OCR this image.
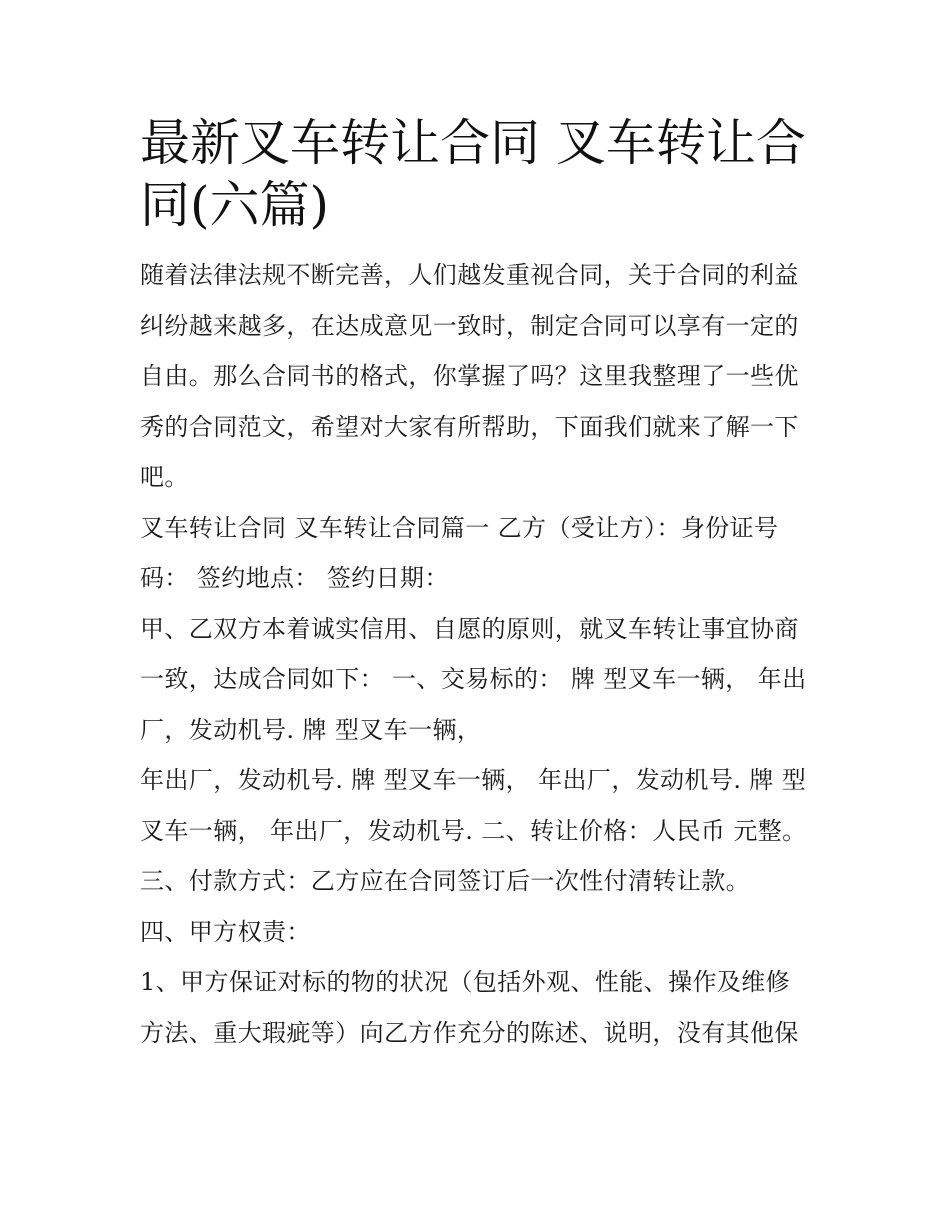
最新叉车转让合同 叉车转让合同(六篇)

随着法律法规不断完善，人们越发重视合同，关于合同的利益纠纷越来越多，在达成意见一致时，制定合同可以享有一定的自由。那么合同书的格式，你掌握了吗？这里我整理了一些优秀的合同范文，希望对大家有所帮助，下面我们就来了解一下吧。

叉车转让合同 叉车转让合同篇一 乙方（受让方）：身份证号码： 签约地点： 签约日期：

甲、乙双方本着诚实信用、自愿的原则，就叉车转让事宜协商一致，达成合同如下： 一、交易标的： 牌 型叉车一辆， 年出厂，发动机号. 牌 型叉车一辆，

年出厂，发动机号. 牌 型叉车一辆， 年出厂，发动机号. 牌 型叉车一辆， 年出厂，发动机号. 二、转让价格：人民币 元整。

三、付款方式：乙方应在合同签订后一次性付清转让款。

四、甲方权责：

1、甲方保证对标的物的状况（包括外观、性能、操作及维修方法、重大瑕疵等）向乙方作充分的陈述、说明，没有其他保
